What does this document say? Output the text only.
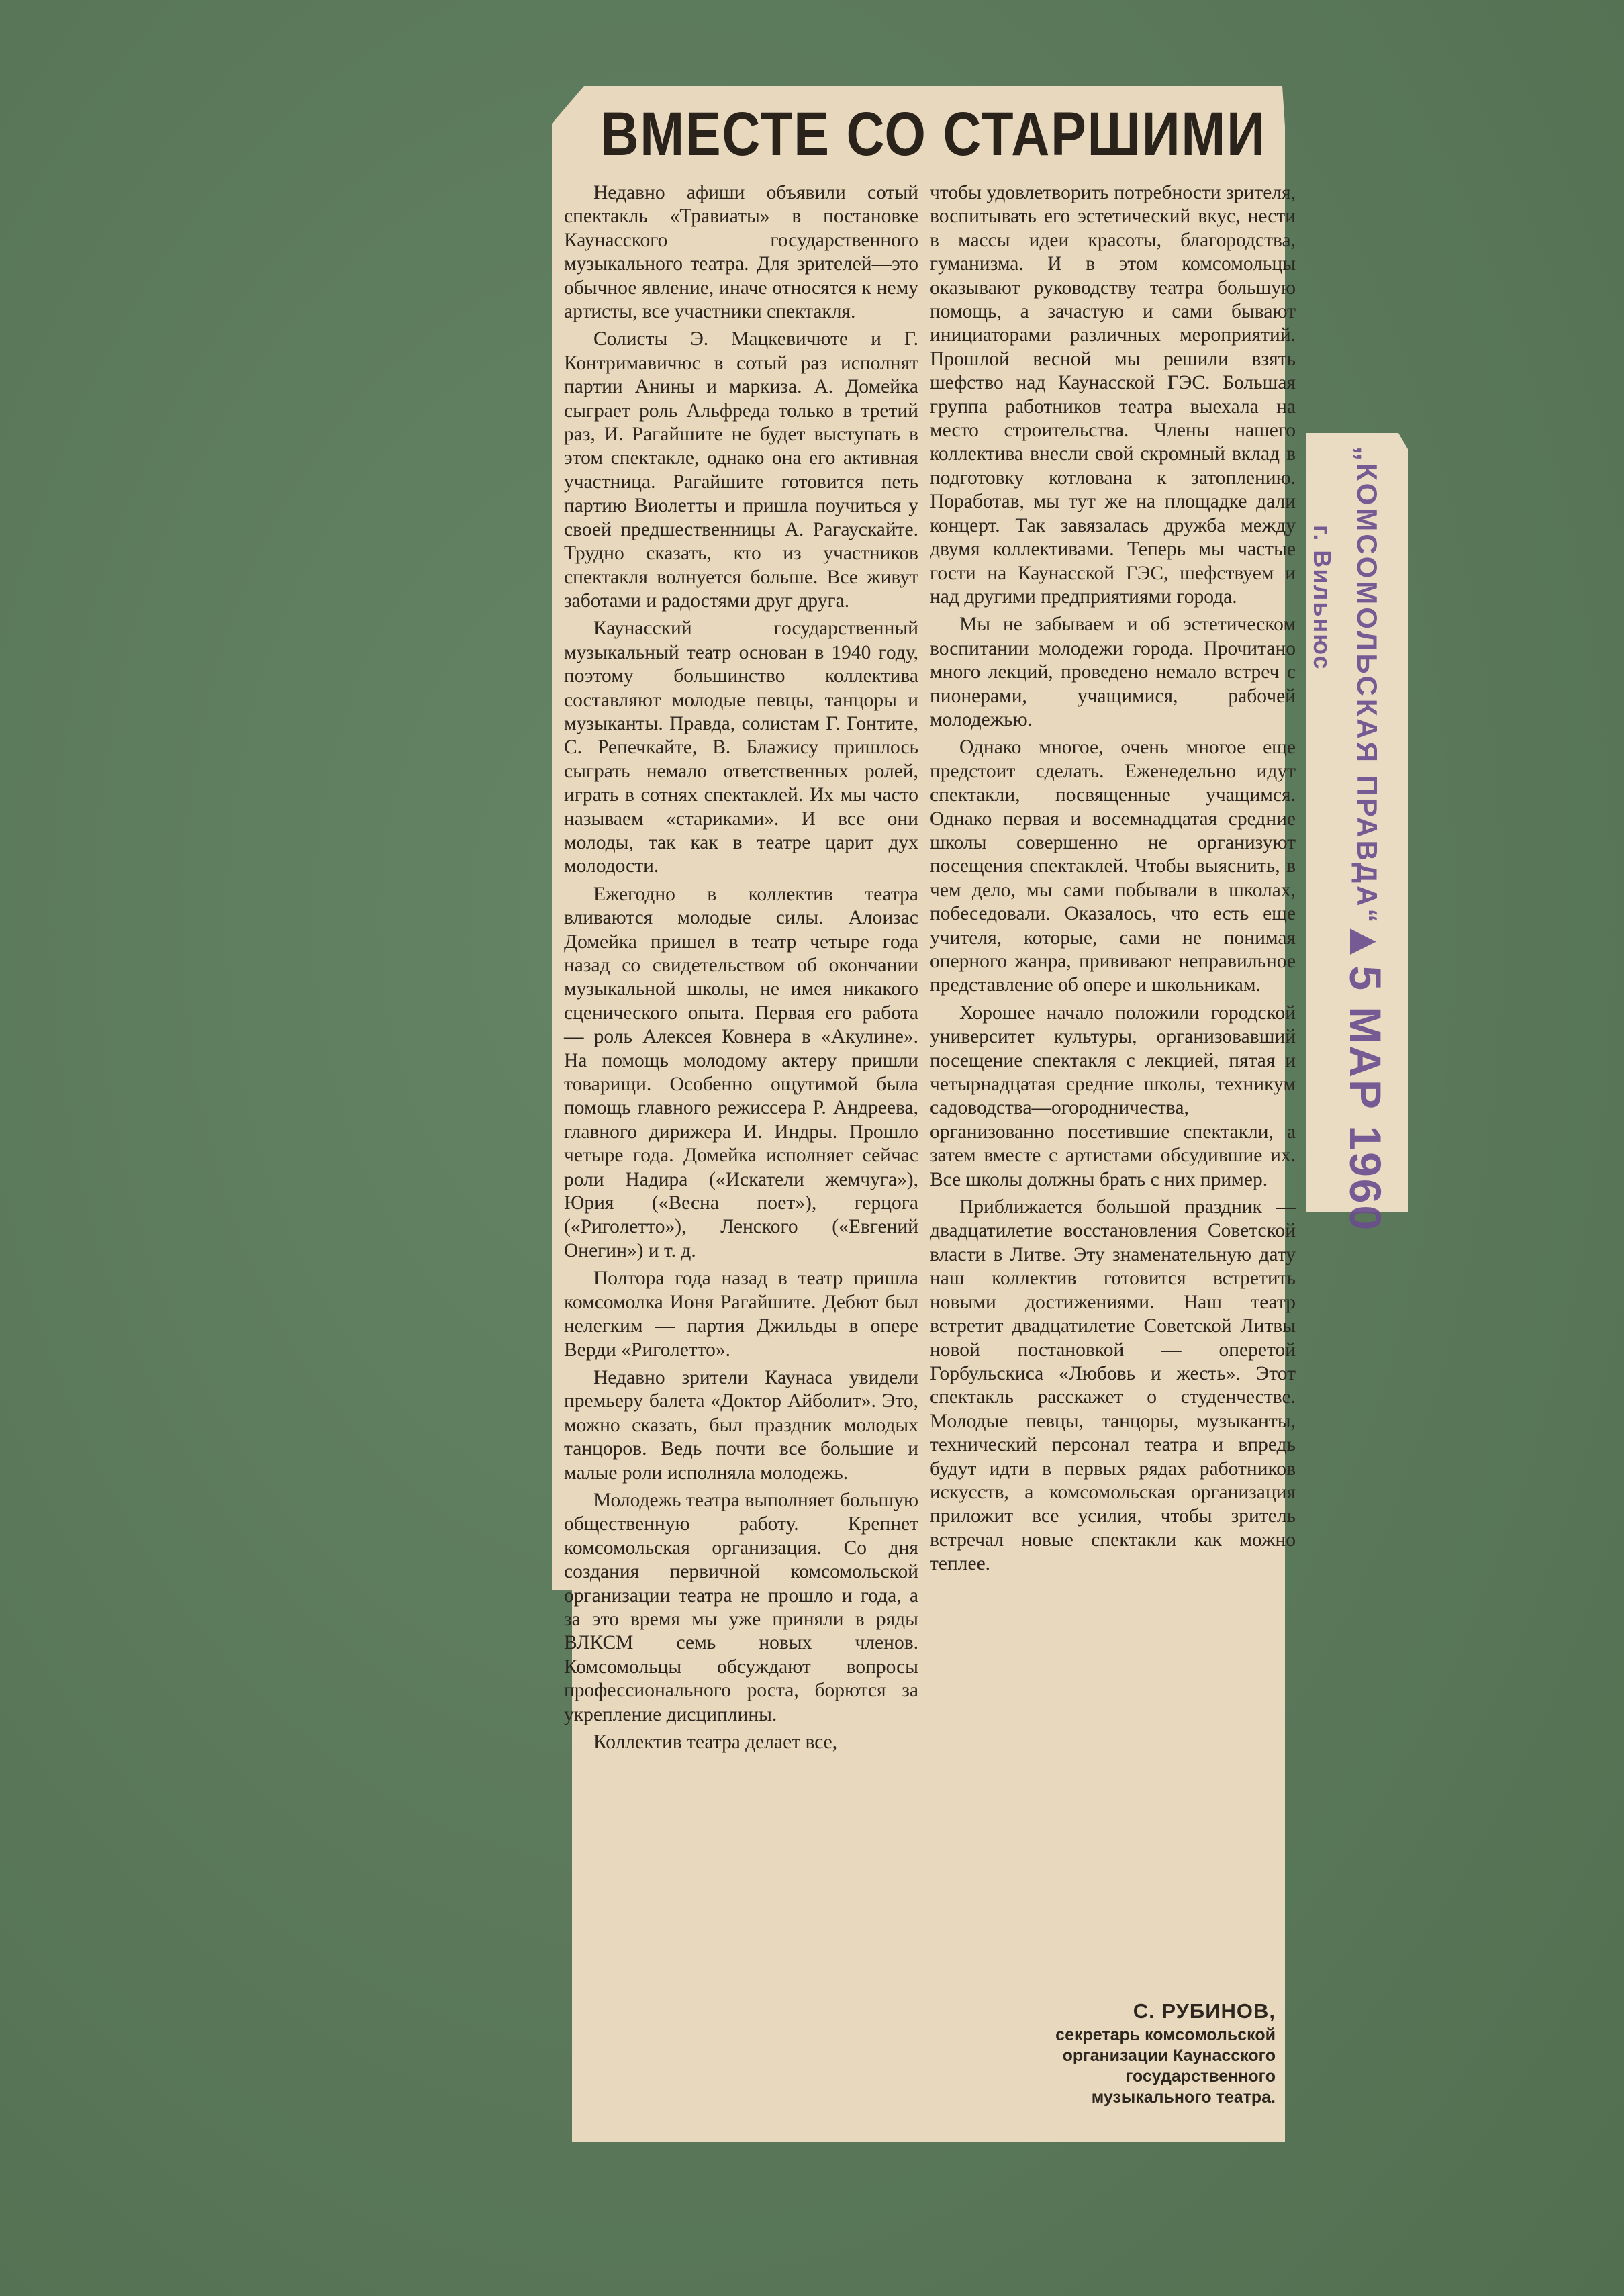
ВМЕСТЕ СО СТАРШИМИ

Недавно афиши объявили сотый спектакль «Травиаты» в постановке Каунасского государственного музыкального театра. Для зрителей—это обычное явление, иначе относятся к нему артисты, все участники спектакля.

Солисты Э. Мацкевичюте и Г. Контримавичюс в сотый раз исполнят партии Анины и маркиза. А. Домейка сыграет роль Альфреда только в третий раз, И. Рагайшите не будет выступать в этом спектакле, однако она его активная участница. Рагайшите готовится петь партию Виолетты и пришла поучиться у своей предшественницы А. Рагаускайте. Трудно сказать, кто из участников спектакля волнуется больше. Все живут заботами и радостями друг друга.

Каунасский государственный музыкальный театр основан в 1940 году, поэтому большинство коллектива составляют молодые певцы, танцоры и музыканты. Правда, солистам Г. Гонтите, С. Репечкайте, В. Блажису пришлось сыграть немало ответственных ролей, играть в сотнях спектаклей. Их мы часто называем «стариками». И все они молоды, так как в театре царит дух молодости.

Ежегодно в коллектив театра вливаются молодые силы. Алоизас Домейка пришел в театр четыре года назад со свидетельством об окончании музыкальной школы, не имея никакого сценического опыта. Первая его работа — роль Алексея Ковнера в «Акулине». На помощь молодому актеру пришли товарищи. Особенно ощутимой была помощь главного режиссера Р. Андреева, главного дирижера И. Индры. Прошло четыре года. Домейка исполняет сейчас роли Надира («Искатели жемчуга»), Юрия («Весна поет»), герцога («Риголетто»), Ленского («Евгений Онегин») и т. д.

Полтора года назад в театр пришла комсомолка Ионя Рагайшите. Дебют был нелегким — партия Джильды в опере Верди «Риголетто».

Недавно зрители Каунаса увидели премьеру балета «Доктор Айболит». Это, можно сказать, был праздник молодых танцоров. Ведь почти все большие и малые роли исполняла молодежь.

Молодежь театра выполняет большую общественную работу. Крепнет комсомольская организация. Со дня создания первичной комсомольской организации театра не прошло и года, а за это время мы уже приняли в ряды ВЛКСМ семь новых членов. Комсомольцы обсуждают вопросы профессионального роста, борются за укрепление дисциплины.

Коллектив театра делает все,

чтобы удовлетворить потребности зрителя, воспитывать его эстетический вкус, нести в массы идеи красоты, благородства, гуманизма. И в этом комсомольцы оказывают руководству театра большую помощь, а зачастую и сами бывают инициаторами различных мероприятий. Прошлой весной мы решили взять шефство над Каунасской ГЭС. Большая группа работников театра выехала на место строительства. Члены нашего коллектива внесли свой скромный вклад в подготовку котлована к затоплению. Поработав, мы тут же на площадке дали концерт. Так завязалась дружба между двумя коллективами. Теперь мы частые гости на Каунасской ГЭС, шефствуем и над другими предприятиями города.

Мы не забываем и об эстетическом воспитании молодежи города. Прочитано много лекций, проведено немало встреч с пионерами, учащимися, рабочей молодежью.

Однако многое, очень многое еще предстоит сделать. Еженедельно идут спектакли, посвященные учащимся. Однако первая и восемнадцатая средние школы совершенно не организуют посещения спектаклей. Чтобы выяснить, в чем дело, мы сами побывали в школах, побеседовали. Оказалось, что есть еще учителя, которые, сами не понимая оперного жанра, прививают неправильное представление об опере и школьникам.

Хорошее начало положили городской университет культуры, организовавший посещение спектакля с лекцией, пятая и четырнадцатая средние школы, техникум садоводства—огородничества, организованно посетившие спектакли, а затем вместе с артистами обсудившие их. Все школы должны брать с них пример.

Приближается большой праздник — двадцатилетие восстановления Советской власти в Литве. Эту знаменательную дату наш коллектив готовится встретить новыми достижениями. Наш театр встретит двадцатилетие Советской Литвы новой постановкой — оперетой Горбульскиса «Любовь и жесть». Этот спектакль расскажет о студенчестве. Молодые певцы, танцоры, музыканты, технический персонал театра и впредь будут идти в первых рядах работников искусств, а комсомольская организация приложит все усилия, чтобы зритель встречал новые спектакли как можно теплее.

С. РУБИНОВ,
секретарь комсомольской
организации Каунасского
государственного
музыкального театра.
„КОМСОМОЛЬСКАЯ ПРАВДА“
г. Вильнюс
▲5 МАР 1960
